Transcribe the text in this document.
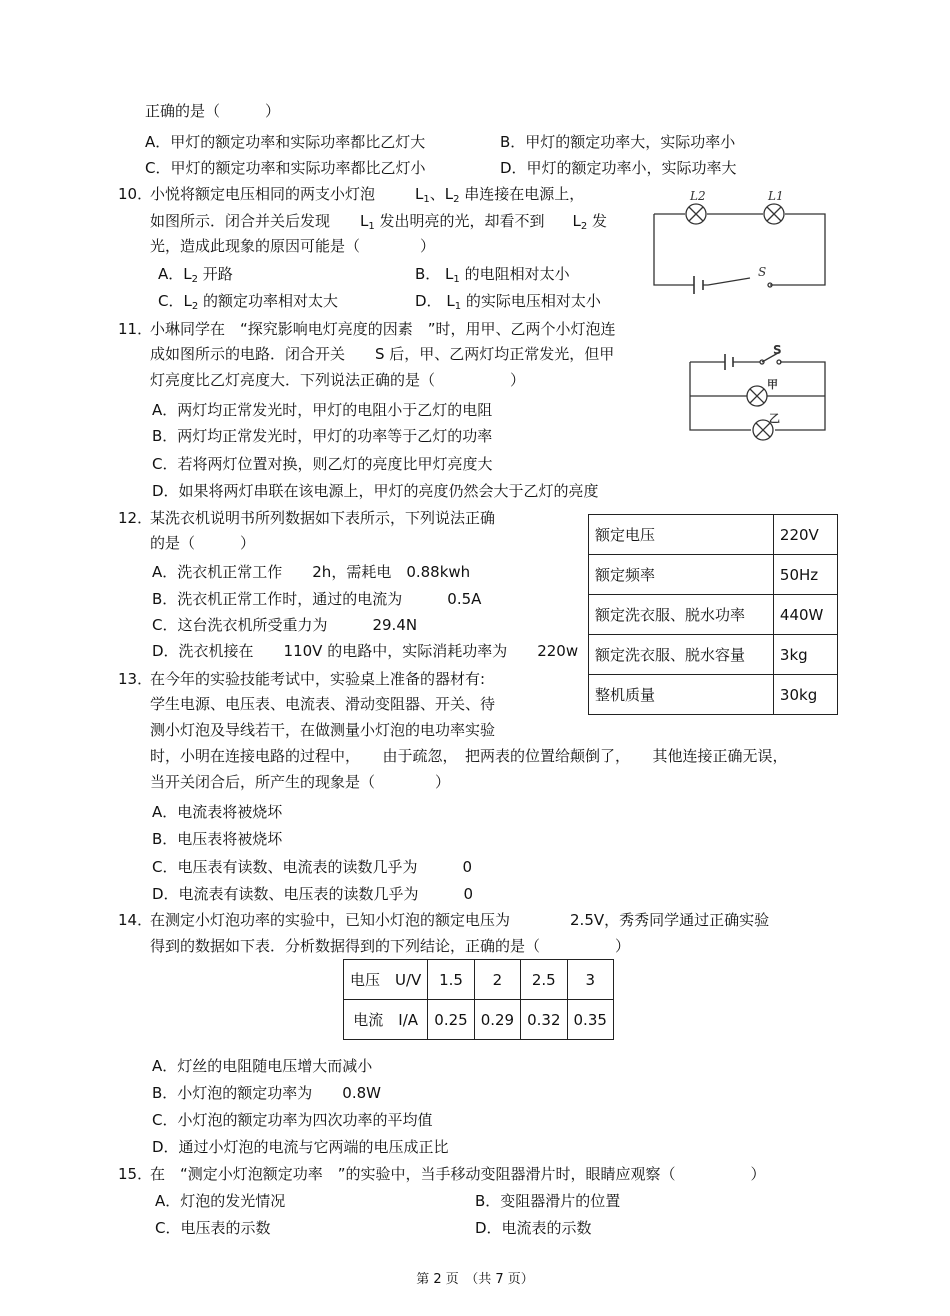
正确的是（　　　）
A．甲灯的额定功率和实际功率都比乙灯大	B．甲灯的额定功率大，实际功率小
C．甲灯的额定功率和实际功率都比乙灯小	D．甲灯的额定功率小，实际功率大
10．
小悦将额定电压相同的两支小灯泡	$L_1$、$L_2$ 串连接在电源上，
如图所示．闭合并关后发现 $L_1$ 发出明亮的光，却看不到 $L_2$ 发
光，造成此现象的原因可能是（　　　　）
A．$L_2$ 开路	B． $L_1$ 的电阻相对太小
C．$L_2$ 的额定功率相对太大	D． $L_1$ 的实际电压相对太小
L2	L1
S
11．
小琳同学在　“探究影响电灯亮度的因素　”时，用甲、乙两个小灯泡连
成如图所示的电路．闭合开关　　S 后，甲、乙两灯均正常发光，但甲
灯亮度比乙灯亮度大．下列说法正确的是（　　　　　）
A．两灯均正常发光时，甲灯的电阻小于乙灯的电阻
B．两灯均正常发光时，甲灯的功率等于乙灯的功率
C．若将两灯位置对换，则乙灯的亮度比甲灯亮度大
D．如果将两灯串联在该电源上，甲灯的亮度仍然会大于乙灯的亮度
S
甲
乙
12．
某洗衣机说明书所列数据如下表所示，下列说法正确
的是（　　　）
A．洗衣机正常工作　　2h，需耗电　0.88kwh
B．洗衣机正常工作时，通过的电流为　　　0.5A
C．这台洗衣机所受重力为　　　29.4N
D．洗衣机接在　　110V 的电路中，实际消耗功率为　　220w
额定电压	220V
额定频率	50Hz
额定洗衣服、脱水功率	440W
额定洗衣服、脱水容量	3kg
整机质量	30kg
13．
在今年的实验技能考试中，实验桌上准备的器材有:
学生电源、电压表、电流表、滑动变阻器、开关、待
测小灯泡及导线若干，在做测量小灯泡的电功率实验
时，小明在连接电路的过程中，　　由于疏忽，　把两表的位置给颠倒了，　　其他连接正确无误，
当开关闭合后，所产生的现象是（　　　　）
A．电流表将被烧坏
B．电压表将被烧坏
C．电压表有读数、电流表的读数几乎为　　　0
D．电流表有读数、电压表的读数几乎为　　　0
14．
在测定小灯泡功率的实验中，已知小灯泡的额定电压为　　　　2.5V，秀秀同学通过正确实验
得到的数据如下表．分析数据得到的下列结论，正确的是（　　　　　）
电压　U/V	1.5	2	2.5	3
电流　I/A	0.25	0.29	0.32	0.35
A．灯丝的电阻随电压增大而减小
B．小灯泡的额定功率为　　0.8W
C．小灯泡的额定功率为四次功率的平均值
D．通过小灯泡的电流与它两端的电压成正比
15．
在　“测定小灯泡额定功率　”的实验中，当手移动变阻器滑片时，眼睛应观察（　　　　　）
A．灯泡的发光情况	B．变阻器滑片的位置
C．电压表的示数	D．电流表的示数
第 2 页　（共 7 页）
